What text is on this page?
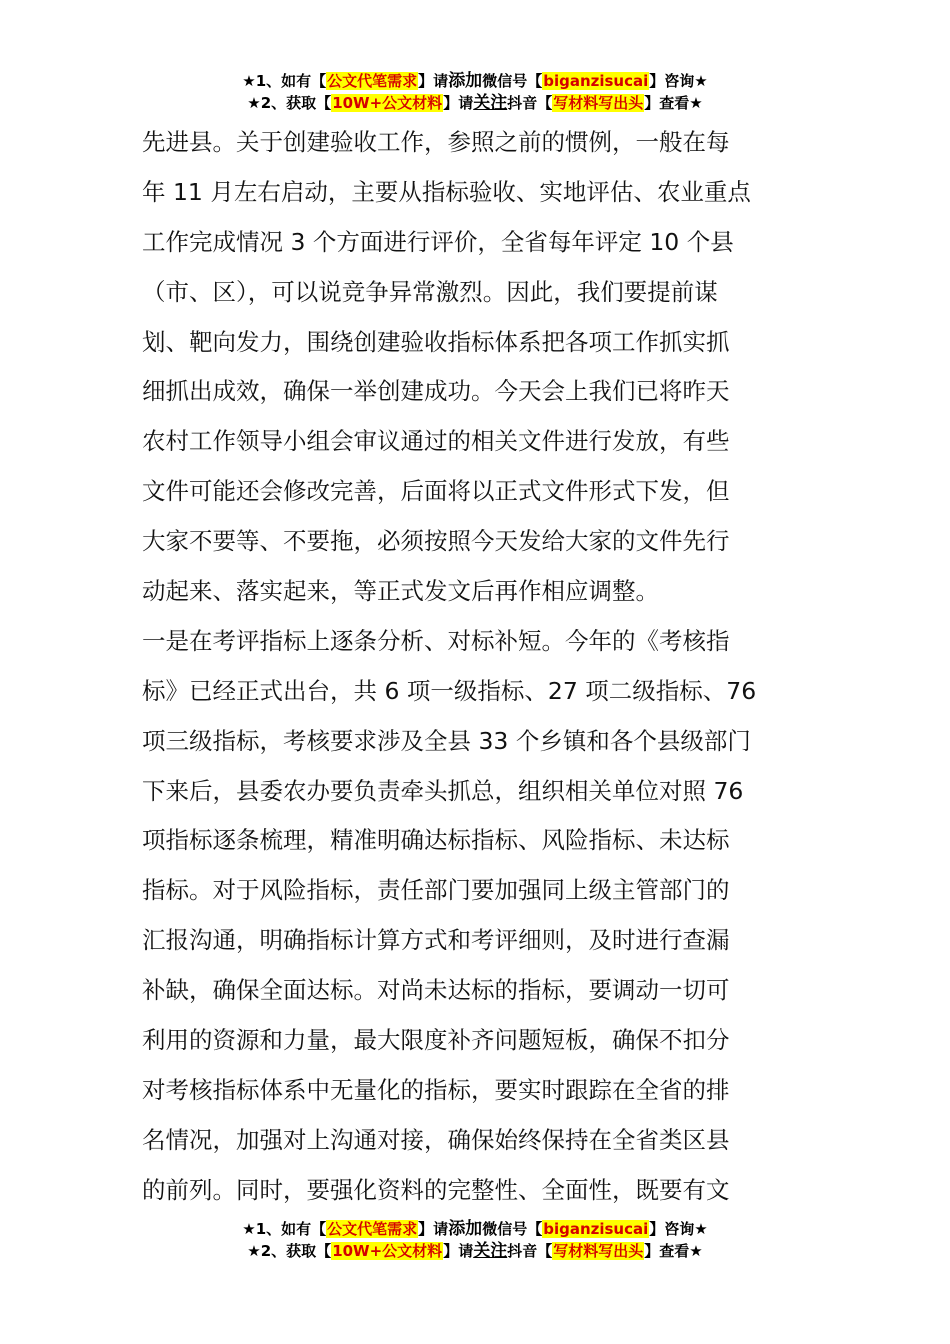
★1、如有【公文代笔需求】请添加微信号【biganzisucai】咨询★
★2、获取【10W+公文材料】请关注抖音【写材料写出头】查看★
先进县。关于创建验收工作，参照之前的惯例，一般在每
年 11 月左右启动，主要从指标验收、实地评估、农业重点
工作完成情况 3 个方面进行评价，全省每年评定 10 个县
（市、区），可以说竞争异常激烈。因此，我们要提前谋
划、靶向发力，围绕创建验收指标体系把各项工作抓实抓
细抓出成效，确保一举创建成功。今天会上我们已将昨天
农村工作领导小组会审议通过的相关文件进行发放，有些
文件可能还会修改完善，后面将以正式文件形式下发，但
大家不要等、不要拖，必须按照今天发给大家的文件先行
动起来、落实起来，等正式发文后再作相应调整。
一是在考评指标上逐条分析、对标补短。今年的《考核指
标》已经正式出台，共 6 项一级指标、27 项二级指标、76
项三级指标，考核要求涉及全县 33 个乡镇和各个县级部门
下来后，县委农办要负责牵头抓总，组织相关单位对照 76
项指标逐条梳理，精准明确达标指标、风险指标、未达标
指标。对于风险指标，责任部门要加强同上级主管部门的
汇报沟通，明确指标计算方式和考评细则，及时进行查漏
补缺，确保全面达标。对尚未达标的指标，要调动一切可
利用的资源和力量，最大限度补齐问题短板，确保不扣分
对考核指标体系中无量化的指标，要实时跟踪在全省的排
名情况，加强对上沟通对接，确保始终保持在全省类区县
的前列。同时，要强化资料的完整性、全面性，既要有文
★1、如有【公文代笔需求】请添加微信号【biganzisucai】咨询★
★2、获取【10W+公文材料】请关注抖音【写材料写出头】查看★
